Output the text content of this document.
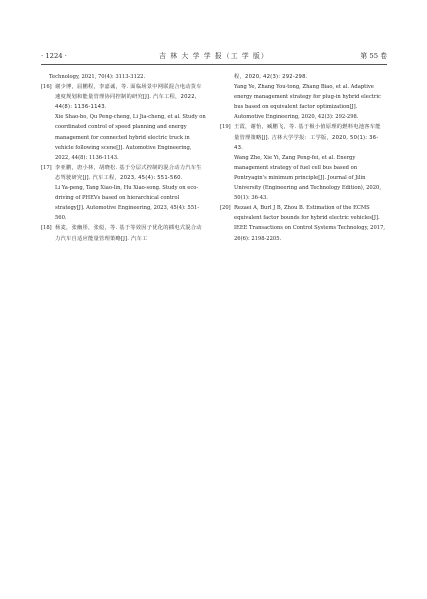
· 1224 ·	吉 林 大 学 学 报（工 学 版）	第 55 卷
Technology, 2021, 70(4): 3113-3122.
[16] 谢少博，屈鹏程，李嘉诚，等. 面临场景中网联混合电动货车速度规划和能量管理协同控制的研究[J]. 汽车工程，2022, 44(8): 1136-1143.
Xie Shao-bo, Qu Peng-cheng, Li Jia-cheng, et al. Study on coordinated control of speed planning and energy management for connected hybrid electric truck in vehicle following scene[J]. Automotive Engineering, 2022, 44(8): 1136-1143.
[17] 李亚鹏，唐小林，胡晓松. 基于分层式控制的混合动力汽车生态驾驶研究[J]. 汽车工程，2023, 45(4): 551-560.
Li Ya-peng, Tang Xiao-lin, Hu Xiao-song. Study on eco-driving of PHEVs based on hierarchical control strategy[J]. Automotive Engineering, 2023, 45(4): 551-560.
[18] 杨麦，张幽彤，张彪，等. 基于等效因子优化的插电式混合动力汽车自适应能量管理策略[J]. 汽车工
程，2020, 42(3): 292-298.
Yang Ye, Zhang You-tong, Zhang Biao, et al. Adaptive energy management strategy for plug-in hybrid electric bus based on equivalent factor optimization[J]. Automotive Engineering, 2020, 42(3): 292-298.
[19] 王霞，谢怡，臧鹏飞，等. 基于极小值原理的燃料电池客车能量管理策略[J]. 吉林大学学报：工学版，2020, 50(1): 36-43.
Wang Zhe, Xie Yi, Zang Peng-fei, et al. Energy management strategy of fuel cell bus based on Pontryagin's minimum principle[J]. Journal of Jilin University (Engineering and Technology Edition), 2020, 50(1): 36-43.
[20] Rezaei A, Burl J B, Zhou B. Estimation of the ECMS equivalent factor bounds for hybrid electric vehicles[J]. IEEE Transactions on Control Systems Technology, 2017, 26(6): 2198-2205.
